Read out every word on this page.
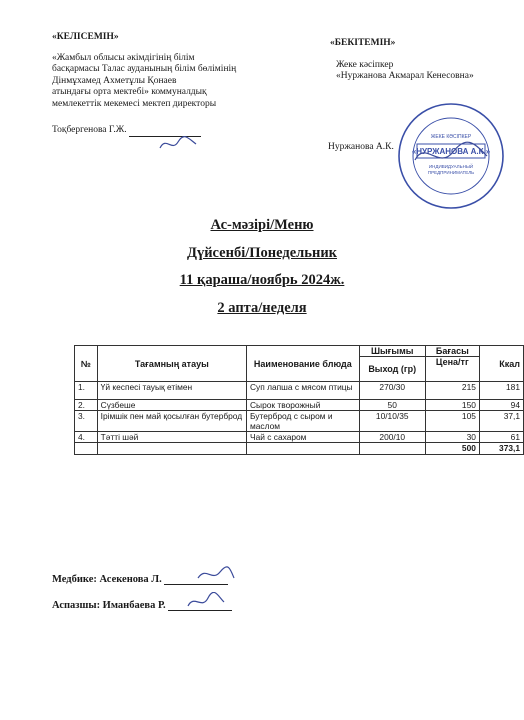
«КЕЛІСЕМІН»
«Жамбыл облысы әкімдігінің білім
басқармасы Талас ауданының білім бөлімінің
Дінмұхамед Ахметұлы Қонаев
атындағы орта мектебі» коммуналдық
мемлекеттік мекемесі мектеп директоры
Тоқбергенова Г.Ж.
«БЕКІТЕМІН»
Жеке кәсіпкер
«Нуржанова Акмарал Кенесовна»
Нуржанова А.К. «НУРЖАНОВА А.К.»
ЖЕКЕ КӘСІПКЕР
ИНДИВИДУАЛЬНЫЙ
ПРЕДПРИНИМАТЕЛЬ
Ас-мәзірі/Меню
Дүйсенбі/Понедельник
11 қараша/ноябрь 2024ж.
2 апта/неделя
№	Тағамның атауы	Наименование блюда	Шығымы	Бағасы	Ккал
			Выход (гр)	Цена/тг	
1.	Үй кеспесі тауық етімен	Суп лапша с мясом птицы	270/30	215	181
2.	Сүзбеше	Сырок творожный	50	150	94
3.	Ірімшік пен май қосылған бутерброд	Бутерброд с сыром и маслом	10/10/35	105	37,1
4.	Тәтті шәй	Чай с сахаром	200/10	30	61
				500	373,1
Медбике: Асекенова Л.
Аспазшы: Иманбаева Р.
